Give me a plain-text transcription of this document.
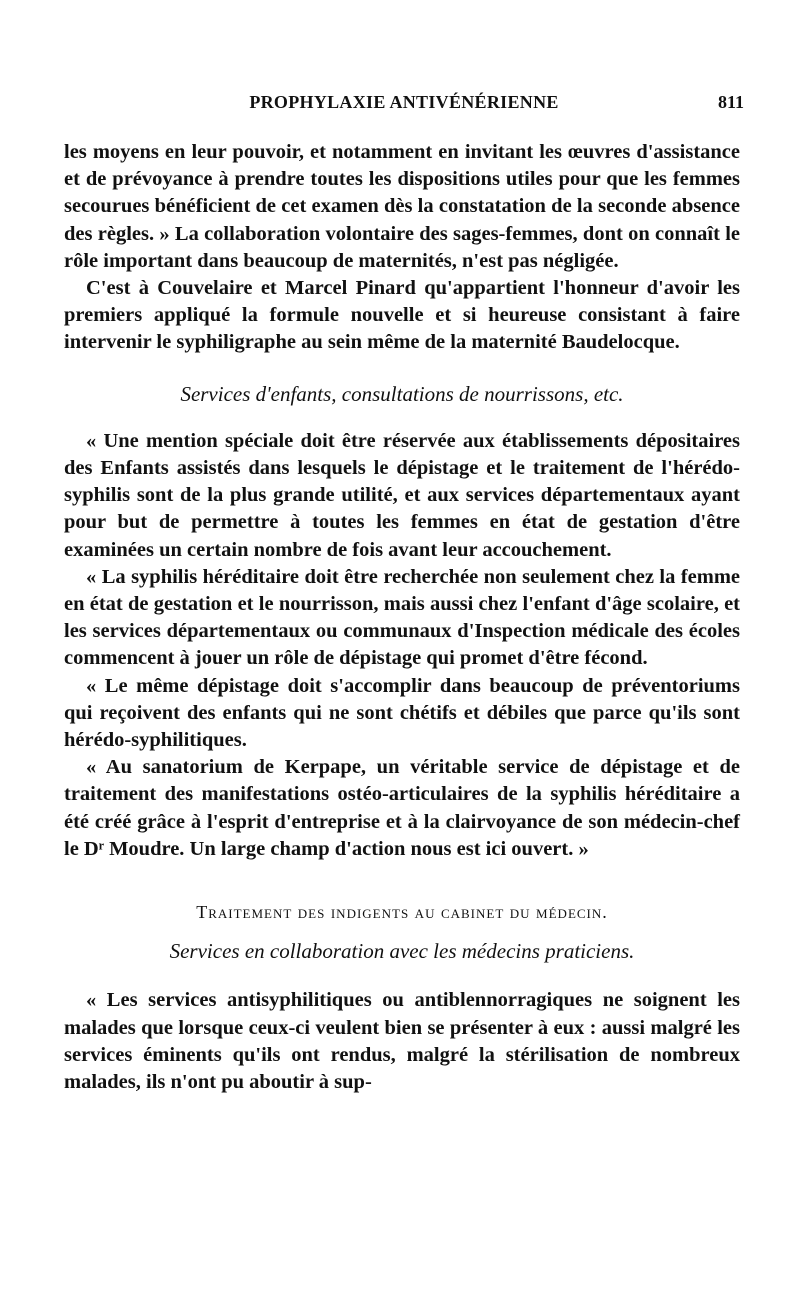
PROPHYLAXIE ANTIVÉNÉRIENNE	811

les moyens en leur pouvoir, et notamment en invitant les œuvres d'assistance et de prévoyance à prendre toutes les dispositions utiles pour que les femmes secourues bénéficient de cet examen dès la constatation de la seconde absence des règles. » La collaboration volontaire des sages-femmes, dont on connaît le rôle important dans beaucoup de maternités, n'est pas négligée.

C'est à Couvelaire et Marcel Pinard qu'appartient l'honneur d'avoir les premiers appliqué la formule nouvelle et si heureuse consistant à faire intervenir le syphiligraphe au sein même de la maternité Baudelocque.

Services d'enfants, consultations de nourrissons, etc.

« Une mention spéciale doit être réservée aux établissements dépositaires des Enfants assistés dans lesquels le dépistage et le traitement de l'hérédo-syphilis sont de la plus grande utilité, et aux services départementaux ayant pour but de permettre à toutes les femmes en état de gestation d'être examinées un certain nombre de fois avant leur accouchement.

« La syphilis héréditaire doit être recherchée non seulement chez la femme en état de gestation et le nourrisson, mais aussi chez l'enfant d'âge scolaire, et les services départementaux ou communaux d'Inspection médicale des écoles commencent à jouer un rôle de dépistage qui promet d'être fécond.

« Le même dépistage doit s'accomplir dans beaucoup de préventoriums qui reçoivent des enfants qui ne sont chétifs et débiles que parce qu'ils sont hérédo-syphilitiques.

« Au sanatorium de Kerpape, un véritable service de dépistage et de traitement des manifestations ostéo-articulaires de la syphilis héréditaire a été créé grâce à l'esprit d'entreprise et à la clairvoyance de son médecin-chef le Dʳ Moudre. Un large champ d'action nous est ici ouvert. »

Traitement des indigents au cabinet du médecin.
Services en collaboration avec les médecins praticiens.

« Les services antisyphilitiques ou antiblennorragiques ne soignent les malades que lorsque ceux-ci veulent bien se présenter à eux : aussi malgré les services éminents qu'ils ont rendus, malgré la stérilisation de nombreux malades, ils n'ont pu aboutir à sup-
